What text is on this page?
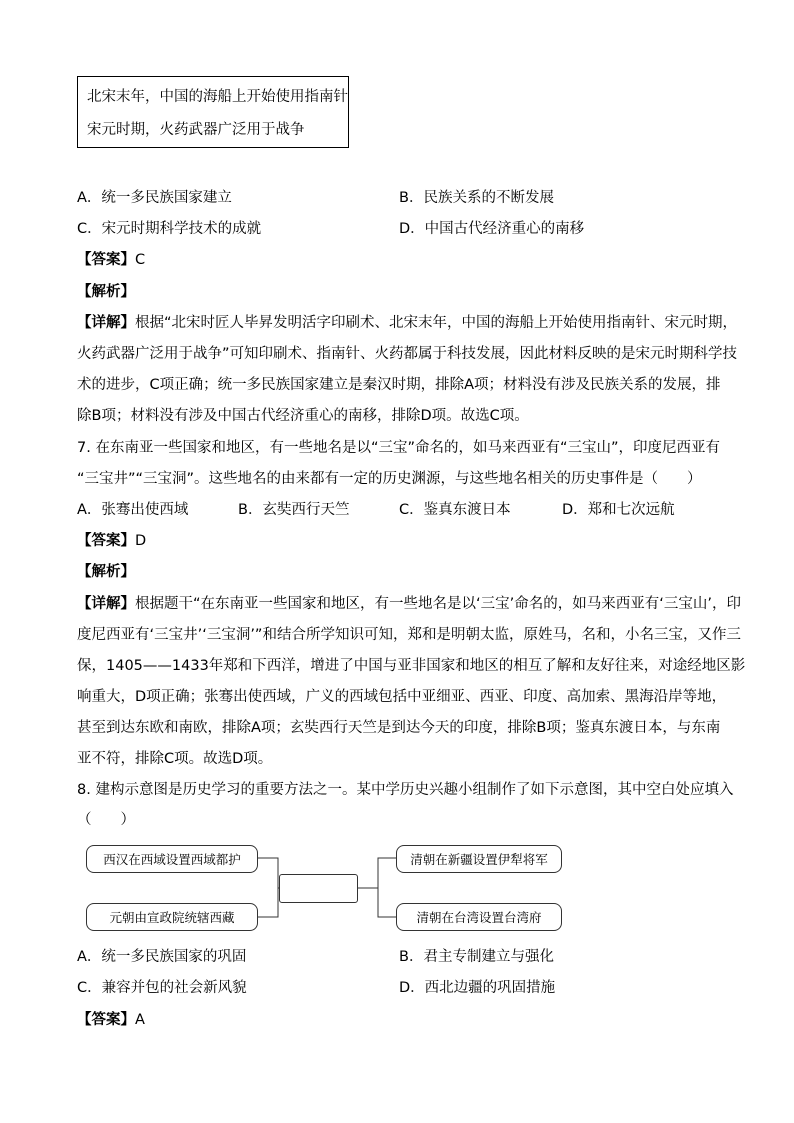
北宋末年，中国的海船上开始使用指南针
宋元时期，火药武器广泛用于战争
A．统一多民族国家建立	B．民族关系的不断发展
C．宋元时期科学技术的成就	D．中国古代经济重心的南移
【答案】C
【解析】
【详解】根据“北宋时匠人毕昇发明活字印刷术、北宋末年，中国的海船上开始使用指南针、宋元时期，
火药武器广泛用于战争”可知印刷术、指南针、火药都属于科技发展，因此材料反映的是宋元时期科学技
术的进步，C项正确；统一多民族国家建立是秦汉时期，排除A项；材料没有涉及民族关系的发展，排
除B项；材料没有涉及中国古代经济重心的南移，排除D项。故选C项。
7. 在东南亚一些国家和地区，有一些地名是以“三宝”命名的，如马来西亚有“三宝山”，印度尼西亚有
“三宝井”“三宝洞”。这些地名的由来都有一定的历史渊源，与这些地名相关的历史事件是（　　）
A．张骞出使西域	B．玄奘西行天竺	C．鉴真东渡日本	D．郑和七次远航
【答案】D
【解析】
【详解】根据题干“在东南亚一些国家和地区，有一些地名是以‘三宝’命名的，如马来西亚有‘三宝山’，印
度尼西亚有‘三宝井’‘三宝洞’”和结合所学知识可知，郑和是明朝太监，原姓马，名和，小名三宝，又作三
保，1405——1433年郑和下西洋，增进了中国与亚非国家和地区的相互了解和友好往来，对途经地区影
响重大，D项正确；张骞出使西域，广义的西域包括中亚细亚、西亚、印度、高加索、黑海沿岸等地，
甚至到达东欧和南欧，排除A项；玄奘西行天竺是到达今天的印度，排除B项；鉴真东渡日本，与东南
亚不符，排除C项。故选D项。
8. 建构示意图是历史学习的重要方法之一。某中学历史兴趣小组制作了如下示意图，其中空白处应填入
（　　）
西汉在西域设置西域都护
元朝由宣政院统辖西藏
清朝在新疆设置伊犁将军
清朝在台湾设置台湾府
A．统一多民族国家的巩固	B．君主专制建立与强化
C．兼容并包的社会新风貌	D．西北边疆的巩固措施
【答案】A
